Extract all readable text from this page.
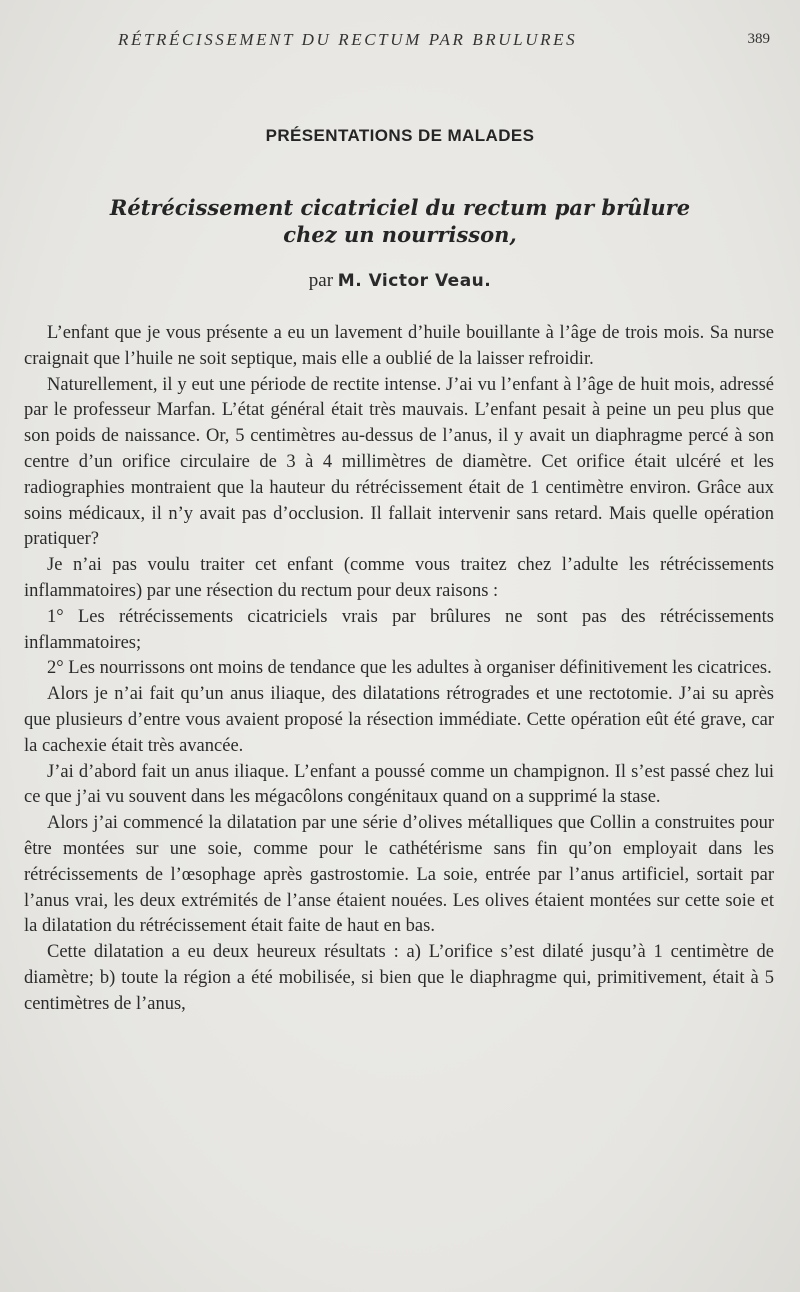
RÉTRÉCISSEMENT DU RECTUM PAR BRULURES	389
PRÉSENTATIONS DE MALADES
Rétrécissement cicatriciel du rectum par brûlure
chez un nourrisson,
par M. Victor Veau.

L’enfant que je vous présente a eu un lavement d’huile bouillante à l’âge de trois mois. Sa nurse craignait que l’huile ne soit septique, mais elle a oublié de la laisser refroidir.

Naturellement, il y eut une période de rectite intense. J’ai vu l’enfant à l’âge de huit mois, adressé par le professeur Marfan. L’état général était très mauvais. L’enfant pesait à peine un peu plus que son poids de naissance. Or, 5 centimètres au-dessus de l’anus, il y avait un diaphragme percé à son centre d’un orifice circulaire de 3 à 4 millimètres de diamètre. Cet orifice était ulcéré et les radiographies montraient que la hauteur du rétrécissement était de 1 centimètre environ. Grâce aux soins médicaux, il n’y avait pas d’occlusion. Il fallait intervenir sans retard. Mais quelle opération pratiquer?

Je n’ai pas voulu traiter cet enfant (comme vous traitez chez l’adulte les rétrécissements inflammatoires) par une résection du rectum pour deux raisons :

1° Les rétrécissements cicatriciels vrais par brûlures ne sont pas des rétrécissements inflammatoires;

2° Les nourrissons ont moins de tendance que les adultes à organiser définitivement les cicatrices.

Alors je n’ai fait qu’un anus iliaque, des dilatations rétrogrades et une rectotomie. J’ai su après que plusieurs d’entre vous avaient proposé la résection immédiate. Cette opération eût été grave, car la cachexie était très avancée.

J’ai d’abord fait un anus iliaque. L’enfant a poussé comme un champignon. Il s’est passé chez lui ce que j’ai vu souvent dans les mégacôlons congénitaux quand on a supprimé la stase.

Alors j’ai commencé la dilatation par une série d’olives métalliques que Collin a construites pour être montées sur une soie, comme pour le cathétérisme sans fin qu’on employait dans les rétrécissements de l’œsophage après gastrostomie. La soie, entrée par l’anus artificiel, sortait par l’anus vrai, les deux extrémités de l’anse étaient nouées. Les olives étaient montées sur cette soie et la dilatation du rétrécissement était faite de haut en bas.

Cette dilatation a eu deux heureux résultats : a) L’orifice s’est dilaté jusqu’à 1 centimètre de diamètre; b) toute la région a été mobilisée, si bien que le diaphragme qui, primitivement, était à 5 centimètres de l’anus,
